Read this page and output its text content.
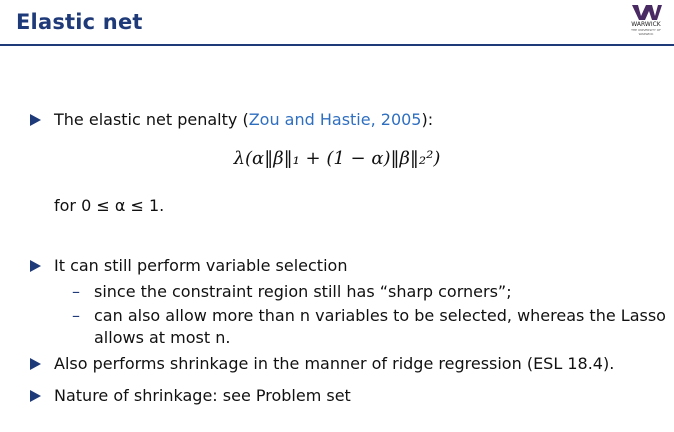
Elastic net	WARWICK
THE UNIVERSITY OF WARWICK
The elastic net penalty (Zou and Hastie, 2005):
λ(α‖β‖₁ + (1 − α)‖β‖₂²)
for 0 ≤ α ≤ 1.
It can still perform variable selection
– since the constraint region still has “sharp corners”;
– can also allow more than n variables to be selected, whereas the Lasso
allows at most n.
Also performs shrinkage in the manner of ridge regression (ESL 18.4).
Nature of shrinkage: see Problem set
